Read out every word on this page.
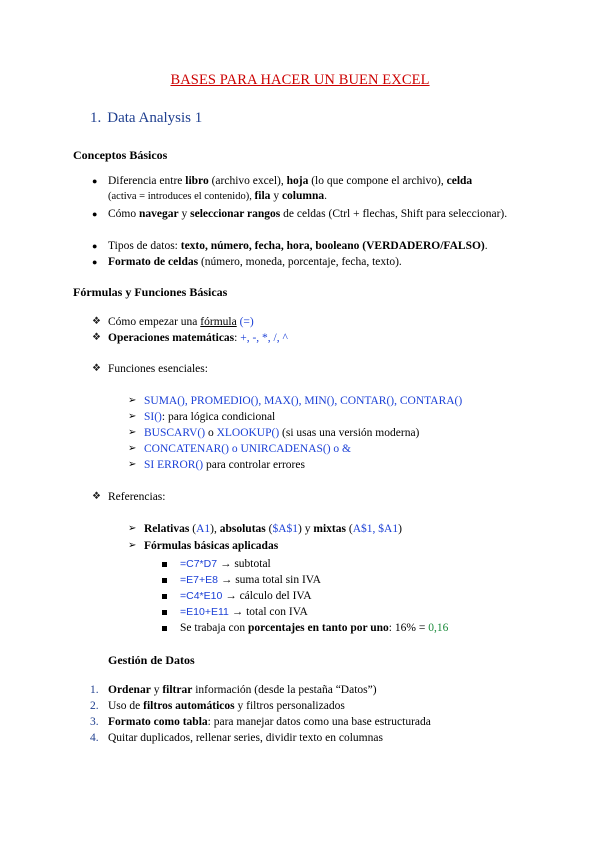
BASES PARA HACER UN BUEN EXCEL
1. Data Analysis 1
Conceptos Básicos
● Diferencia entre libro (archivo excel), hoja (lo que compone el archivo), celda
(activa = introduces el contenido), fila y columna.
● Cómo navegar y seleccionar rangos de celdas (Ctrl + flechas, Shift para seleccionar).
● Tipos de datos: texto, número, fecha, hora, booleano (VERDADERO/FALSO).
● Formato de celdas (número, moneda, porcentaje, fecha, texto).
Fórmulas y Funciones Básicas
❖ Cómo empezar una fórmula (=)
❖ Operaciones matemáticas: +, -, *, /, ^
❖ Funciones esenciales:
➢ SUMA(), PROMEDIO(), MAX(), MIN(), CONTAR(), CONTARA()
➢ SI(): para lógica condicional
➢ BUSCARV() o XLOOKUP() (si usas una versión moderna)
➢ CONCATENAR() o UNIRCADENAS() o &
➢ SI ERROR() para controlar errores
❖ Referencias:
➢ Relativas (A1), absolutas ($A$1) y mixtas (A$1, $A1)
➢ Fórmulas básicas aplicadas
=C7*D7 → subtotal
=E7+E8 → suma total sin IVA
=C4*E10 → cálculo del IVA
=E10+E11 → total con IVA
Se trabaja con porcentajes en tanto por uno: 16% = 0,16
Gestión de Datos
1. Ordenar y filtrar información (desde la pestaña “Datos”)
2. Uso de filtros automáticos y filtros personalizados
3. Formato como tabla: para manejar datos como una base estructurada
4. Quitar duplicados, rellenar series, dividir texto en columnas
